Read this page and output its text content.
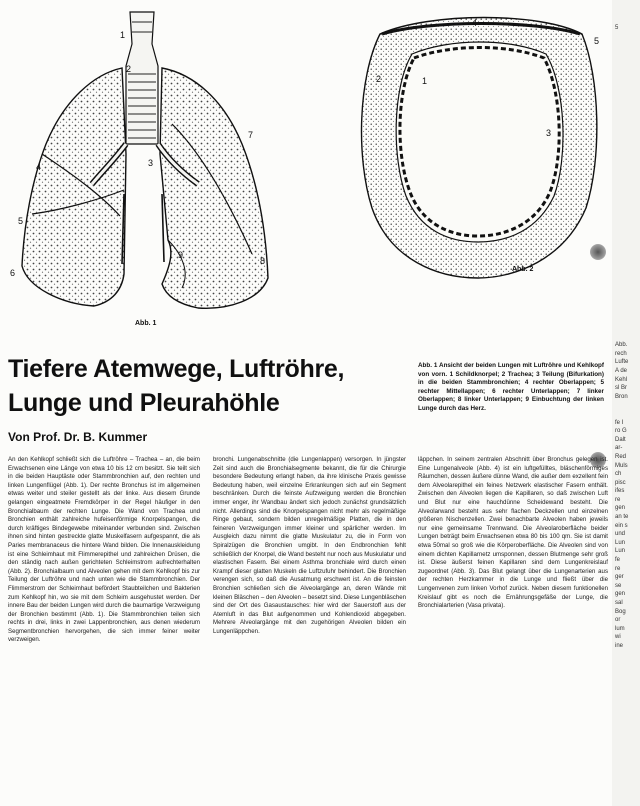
2
3
4
5
6
7
8
9
1
Abb. 1
1
2
3
4
5
Abb. 2
Tiefere Atemwege, Luftröhre, Lunge und Pleurahöhle
Von Prof. Dr. B. Kummer
Abb. 1 Ansicht der beiden Lungen mit Luftröhre und Kehlkopf von vorn. 1 Schildknorpel; 2 Trachea; 3 Teilung (Bifurkation) in die beiden Stammbronchien; 4 rechter Oberlappen; 5 rechter Mittellappen; 6 rechter Unterlappen; 7 linker Oberlappen; 8 linker Unterlappen; 9 Einbuchtung der linken Lunge durch das Herz.
An den Kehlkopf schließt sich die Luftröhre – Trachea – an, die beim Erwachsenen eine Länge von etwa 10 bis 12 cm besitzt. Sie teilt sich in die beiden Hauptäste oder Stammbronchien auf, den rechten und linken Lungenflügel (Abb. 1). Der rechte Bronchus ist im allgemeinen etwas weiter und steiler gestellt als der linke. Aus diesem Grunde gelangen eingeatmete Fremdkörper in der Regel häufiger in den Bronchialbaum der rechten Lunge. Die Wand von Trachea und Bronchien enthält zahlreiche hufeisenförmige Knorpelspangen, die durch kräftiges Bindegewebe miteinander verbunden sind. Zwischen ihnen sind hinten gestreckte glatte Muskelfasern aufgespannt, die als Paries membranaceus die hintere Wand bilden. Die Innenauskleidung ist eine Schleimhaut mit Flimmerepithel und zahlreichen Drüsen, die den ständig nach außen gerichteten Schleimstrom aufrechterhalten (Abb. 2). Bronchialbaum und Alveolen gehen mit dem Kehlkopf bis zur Teilung der Luftröhre und nach unten wie die Stammbronchien. Der Flimmerstrom der Schleimhaut befördert Staubteilchen und Bakterien zum Kehlkopf hin, wo sie mit dem Schleim ausgehustet werden. Der innere Bau der beiden Lungen wird durch die baumartige Verzweigung der Bronchien bestimmt (Abb. 1). Die Stammbronchien teilen sich rechts in drei, links in zwei Lappenbronchien, aus denen wiederum Segmentbronchien hervorgehen, die sich immer feiner weiter verzweigen.
bronchi. Lungenabschnitte (die Lungenlappen) versorgen. In jüngster Zeit sind auch die Bronchialsegmente bekannt, die für die Chirurgie besondere Bedeutung erlangt haben, da ihre klinische Praxis gewisse Bedeutung haben, weil einzelne Erkrankungen sich auf ein Segment beschränken. Durch die feinste Aufzweigung werden die Bronchien immer enger, ihr Wandbau ändert sich jedoch zunächst grundsätzlich nicht. Allerdings sind die Knorpelspangen nicht mehr als regelmäßige Ringe gebaut, sondern bilden unregelmäßige Platten, die in den feineren Verzweigungen immer kleiner und spärlicher werden. Im Ausgleich dazu nimmt die glatte Muskulatur zu, die in Form von Spiralzügen die Bronchien umgibt. In den Endbronchien fehlt schließlich der Knorpel, die Wand besteht nur noch aus Muskulatur und elastischen Fasern. Bei einem Asthma bronchiale wird durch einen Krampf dieser glatten Muskeln die Luftzufuhr behindert. Die Bronchien verengen sich, so daß die Ausatmung erschwert ist. An die feinsten Bronchien schließen sich die Alveolargänge an, deren Wände mit kleinen Bläschen – den Alveolen – besetzt sind. Diese Lungenbläschen sind der Ort des Gasaustausches: hier wird der Sauerstoff aus der Atemluft in das Blut aufgenommen und Kohlendioxid abgegeben. Mehrere Alveolargänge mit den zugehörigen Alveolen bilden ein Lungenläppchen.
läppchen. In seinem zentralen Abschnitt über Bronchus gelegen ist. Eine Lungenalveole (Abb. 4) ist ein luftgefülltes, bläschenförmiges Räumchen, dessen äußere dünne Wand, die außer dem exzellent fein dem Alveolarepithel ein feines Netzwerk elastischer Fasern enthält. Zwischen den Alveolen liegen die Kapillaren, so daß zwischen Luft und Blut nur eine hauchdünne Scheidewand besteht. Die Alveolarwand besteht aus sehr flachen Deckzellen und einzelnen größeren Nischenzellen. Zwei benachbarte Alveolen haben jeweils nur eine gemeinsame Trennwand. Die Alveolaroberfläche beider Lungen beträgt beim Erwachsenen etwa 80 bis 100 qm. Sie ist damit etwa 50mal so groß wie die Körperoberfläche. Die Alveolen sind von einem dichten Kapillarnetz umsponnen, dessen Blutmenge sehr groß ist. Diese äußerst feinen Kapillaren sind dem Lungenkreislauf zugeordnet (Abb. 3). Das Blut gelangt über die Lungenarterien aus der rechten Herzkammer in die Lunge und fließt über die Lungenvenen zum linken Vorhof zurück. Neben diesem funktionellen Kreislauf gibt es noch die Ernährungsgefäße der Lunge, die Bronchialarterien (Vasa privata).
5

Abb.
rech
Lufte
A de
Kehl
sl Br
Bron

fe I
ro G
Dalt
ar-
Red
Muls
ch
pisc
ifes
re
gen
an te
ein s
und
Lun
Lun
fe
re
ger
se
gen
sal
Bog
or
lum
wi
ine
